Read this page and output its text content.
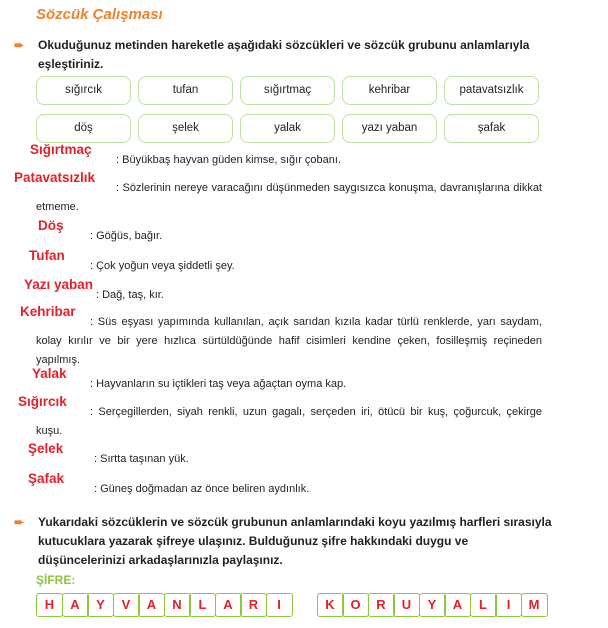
Sözcük Çalışması
➨	Okuduğunuz metinden hareketle aşağıdaki sözcükleri ve sözcük grubunu anlamlarıyla eşleştiriniz.
sığırcık	tufan	sığırtmaç	kehribar	patavatsızlık
döş	şelek	yalak	yazı yaban	şafak
Sığırtmaç
: Büyükbaş hayvan güden kimse, sığır çobanı.
Patavatsızlık
: Sözlerinin nereye varacağını düşünmeden saygısızca konuşma, davranışlarına dikkat etmeme.
Döş
: Göğüs, bağır.
Tufan
: Çok yoğun veya şiddetli şey.
Yazı yaban
: Dağ, taş, kır.
Kehribar
: Süs eşyası yapımında kullanılan, açık sarıdan kızıla kadar türlü renklerde, yarı saydam, kolay kırılır ve bir yere hızlıca sürtüldüğünde hafif cisimleri kendine çeken, fosilleşmiş reçineden yapılmış.
Yalak
: Hayvanların su içtikleri taş veya ağaçtan oyma kap.
Sığırcık
: Serçegillerden, siyah renkli, uzun gagalı, serçeden iri, ötücü bir kuş, çoğurcuk, çekirge kuşu.
Şelek
: Sırtta taşınan yük.
Şafak
: Güneş doğmadan az önce beliren aydınlık.
➨	Yukarıdaki sözcüklerin ve sözcük grubunun anlamlarındaki koyu yazılmış harfleri sırasıyla kutucuklara yazarak şifreye ulaşınız. Bulduğunuz şifre hakkındaki duygu ve düşüncelerinizi arkadaşlarınızla paylaşınız.
ŞİFRE:
H	A	Y	V	A	N	L	A	R	I	K	O	R	U	Y	A	L	I	M
